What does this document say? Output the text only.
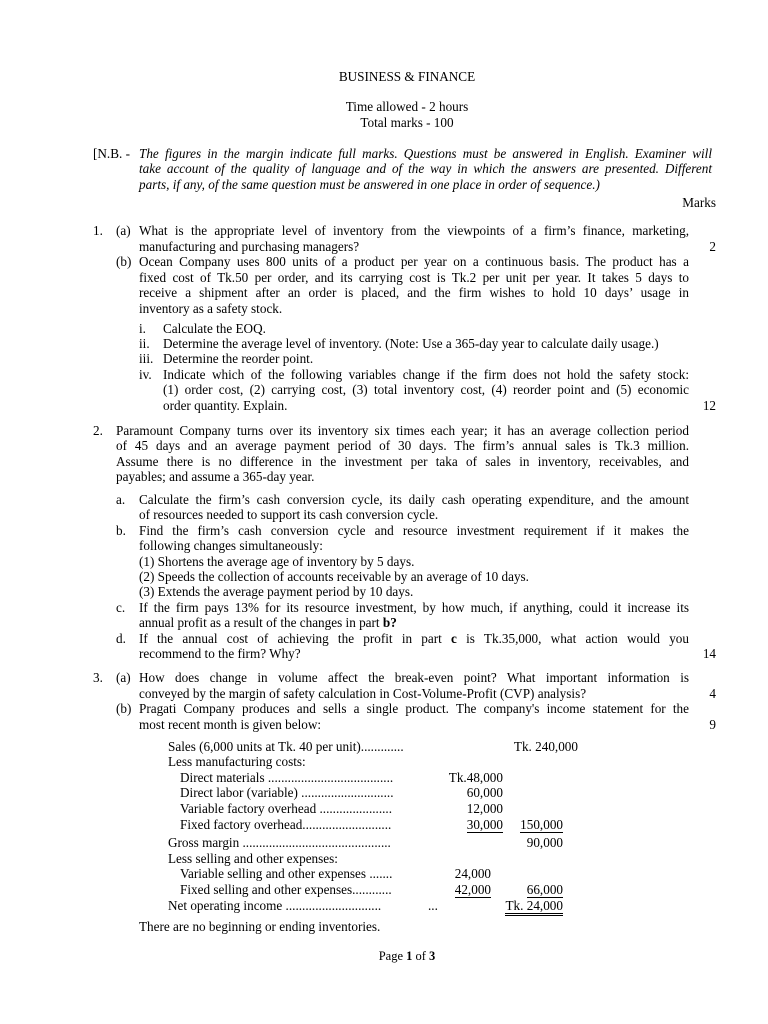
BUSINESS & FINANCE
Time allowed - 2 hours
Total marks - 100
[N.B. - The figures in the margin indicate full marks. Questions must be answered in English. Examiner will
take account of the quality of language and of the way in which the answers are presented. Different
parts, if any, of the same question must be answered in one place in order of sequence.)
Marks
1. (a) What is the appropriate level of inventory from the viewpoints of a firm’s finance, marketing,
manufacturing and purchasing managers?	2
(b) Ocean Company uses 800 units of a product per year on a continuous basis. The product has a
fixed cost of Tk.50 per order, and its carrying cost is Tk.2 per unit per year. It takes 5 days to
receive a shipment after an order is placed, and the firm wishes to hold 10 days’ usage in
inventory as a safety stock.
i. Calculate the EOQ.
ii. Determine the average level of inventory. (Note: Use a 365-day year to calculate daily usage.)
iii. Determine the reorder point.
iv. Indicate which of the following variables change if the firm does not hold the safety stock:
(1) order cost, (2) carrying cost, (3) total inventory cost, (4) reorder point and (5) economic
order quantity. Explain.	12
2. Paramount Company turns over its inventory six times each year; it has an average collection period
of 45 days and an average payment period of 30 days. The firm’s annual sales is Tk.3 million.
Assume there is no difference in the investment per taka of sales in inventory, receivables, and
payables; and assume a 365-day year.
a. Calculate the firm’s cash conversion cycle, its daily cash operating expenditure, and the amount
of resources needed to support its cash conversion cycle.
b. Find the firm’s cash conversion cycle and resource investment requirement if it makes the
following changes simultaneously:
(1) Shortens the average age of inventory by 5 days.
(2) Speeds the collection of accounts receivable by an average of 10 days.
(3) Extends the average payment period by 10 days.
c. If the firm pays 13% for its resource investment, by how much, if anything, could it increase its
annual profit as a result of the changes in part b?
d. If the annual cost of achieving the profit in part c is Tk.35,000, what action would you
recommend to the firm? Why?	14
3. (a) How does change in volume affect the break-even point? What important information is
conveyed by the margin of safety calculation in Cost-Volume-Profit (CVP) analysis?	4
(b) Pragati Company produces and sells a single product. The company's income statement for the
most recent month is given below:	9
Sales (6,000 units at Tk. 40 per unit).............	Tk. 240,000
Less manufacturing costs:
Direct materials ......................................	Tk.48,000
Direct labor (variable) ............................	60,000
Variable factory overhead ......................	12,000
Fixed factory overhead...........................	30,000	150,000
Gross margin .............................................	90,000
Less selling and other expenses:
Variable selling and other expenses .......	24,000
Fixed selling and other expenses............	42,000	66,000
Net operating income .............................	...	Tk. 24,000
There are no beginning or ending inventories.
Page 1 of 3
